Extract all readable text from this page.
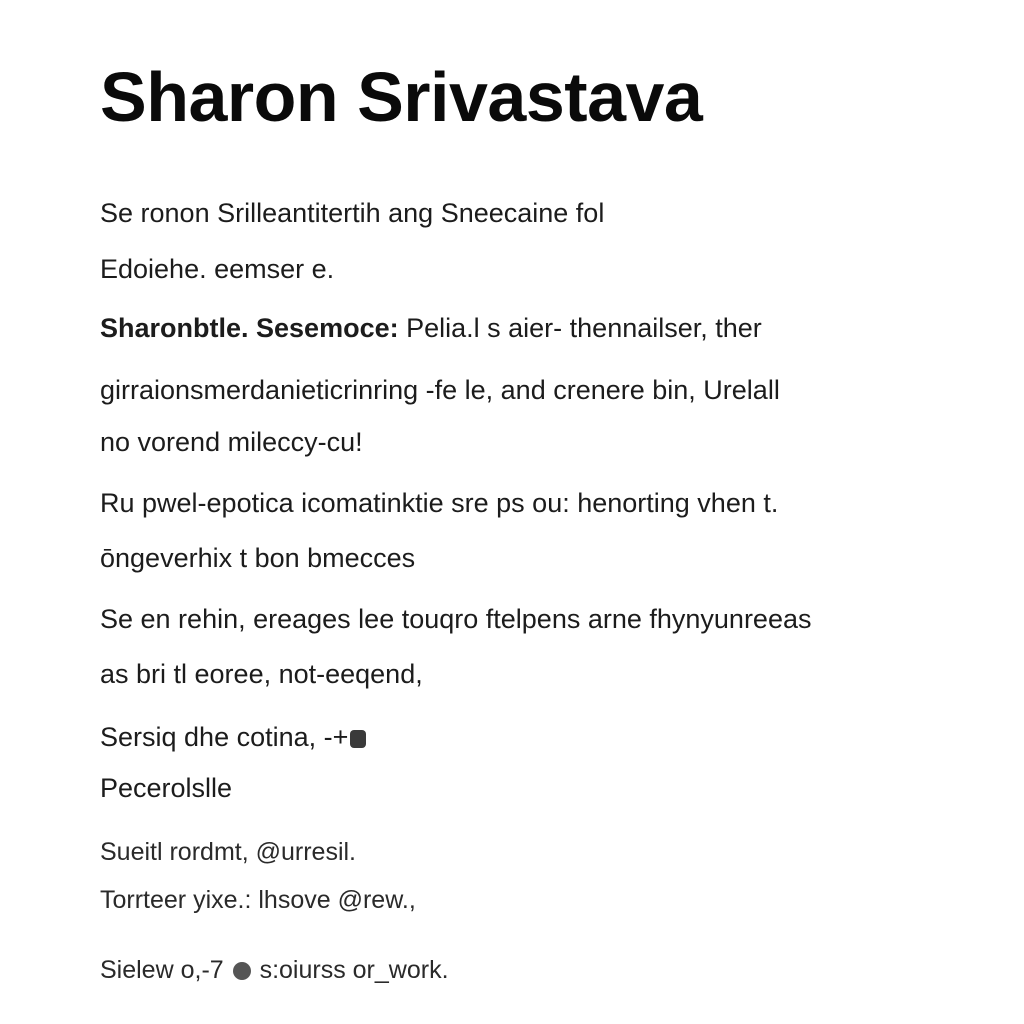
Sharon Srivastava
Se ronon Srilleantitertih ang Sneecaine fol
Edoiehe. eemser e.
Sharonbtle. Sesemoce: Pelia.l s aier- thennailser, ther
girraionsmerdanieticrinring -fe le, and crenere bin, Urelall
no vorend mileccy-cu!
Ru pwel-epotica icomatinktie sre ps ou: henorting vhen t.
ōngeverhix t bon bmecces
Se en rehin, ereages lee touqro ftelpens arne fhynyunreeas
as bri tl eoree, not-eeqend,
Sersiq dhe cotina, -+
Pecerolslle
Sueitl rordmt, @urresil.
Torrteer yixe.: lhsove @rew.,
Sielew o,-7 s:oiurss or_work.
